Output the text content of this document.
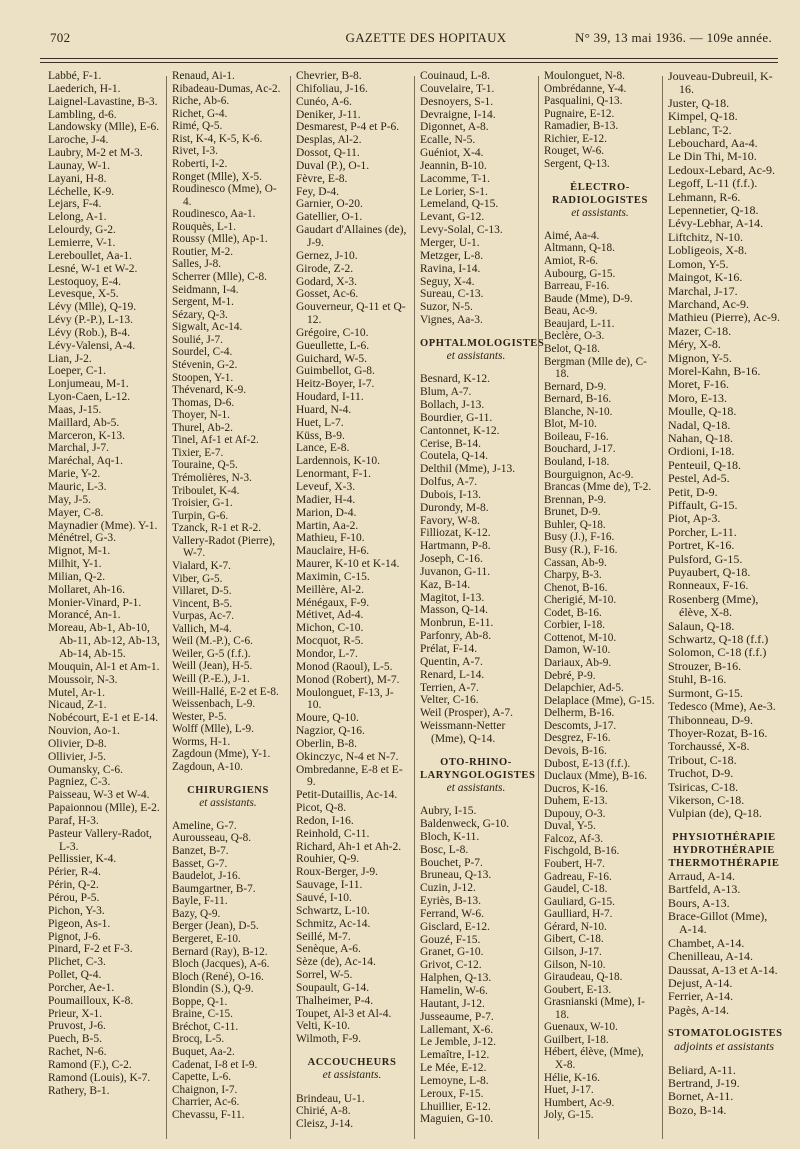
702	GAZETTE DES HOPITAUX	N° 39, 13 mai 1936. — 109e année.
Labbé, F-1.
Laederich, H-1.
Laignel-Lavastine, B-3.
Lambling, d-6.
Landowsky (Mlle), E-6.
Laroche, J-4.
Laubry, M-2 et M-3.
Launay, W-1.
Layani, H-8.
Léchelle, K-9.
Lejars, F-4.
Lelong, A-1.
Lelourdy, G-2.
Lemierre, V-1.
Lereboullet, Aa-1.
Lesné, W-1 et W-2.
Lestoquoy, E-4.
Levesque, X-5.
Lévy (Mlle), Q-19.
Lévy (P.-P.), L-13.
Lévy (Rob.), B-4.
Lévy-Valensi, A-4.
Lian, J-2.
Loeper, C-1.
Lonjumeau, M-1.
Lyon-Caen, L-12.
Maas, J-15.
Maillard, Ab-5.
Marceron, K-13.
Marchal, J-7.
Maréchal, Aq-1.
Marie, Y-2.
Mauric, L-3.
May, J-5.
Mayer, C-8.
Maynadier (Mme). Y-1.
Ménétrel, G-3.
Mignot, M-1.
Milhit, Y-1.
Milian, Q-2.
Mollaret, Ah-16.
Monier-Vinard, P-1.
Morancé, An-1.
Moreau, Ab-1, Ab-10, Ab-11, Ab-12, Ab-13, Ab-14, Ab-15.
Mouquin, Al-1 et Am-1.
Moussoir, N-3.
Mutel, Ar-1.
Nicaud, Z-1.
Nobécourt, E-1 et E-14.
Nouvion, Ao-1.
Olivier, D-8.
Ollivier, J-5.
Oumansky, C-6.
Pagniez, C-3.
Paisseau, W-3 et W-4.
Papaionnou (Mlle), E-2.
Paraf, H-3.
Pasteur Vallery-Radot, L-3.
Pellissier, K-4.
Périer, R-4.
Périn, Q-2.
Pérou, P-5.
Pichon, Y-3.
Pigeon, As-1.
Pignot, J-6.
Pinard, F-2 et F-3.
Plichet, C-3.
Pollet, Q-4.
Porcher, Ae-1.
Poumailloux, K-8.
Prieur, X-1.
Pruvost, J-6.
Puech, B-5.
Rachet, N-6.
Ramond (F.), C-2.
Ramond (Louis), K-7.
Rathery, B-1.
Renaud, Ai-1.
Ribadeau-Dumas, Ac-2.
Riche, Ab-6.
Richet, G-4.
Rimé, Q-5.
Rist, K-4, K-5, K-6.
Rivet, I-3.
Roberti, I-2.
Ronget (Mlle), X-5.
Roudinesco (Mme), O-4.
Roudinesco, Aa-1.
Rouquès, L-1.
Roussy (Mlle), Ap-1.
Routier, M-2.
Salles, J-8.
Scherrer (Mlle), C-8.
Seidmann, I-4.
Sergent, M-1.
Sézary, Q-3.
Sigwalt, Ac-14.
Soulié, J-7.
Sourdel, C-4.
Stévenin, G-2.
Stoopen, Y-1.
Thévenard, K-9.
Thomas, D-6.
Thoyer, N-1.
Thurel, Ab-2.
Tinel, Af-1 et Af-2.
Tixier, E-7.
Touraine, Q-5.
Trémolières, N-3.
Triboulet, K-4.
Troisier, G-1.
Turpin, G-6.
Tzanck, R-1 et R-2.
Vallery-Radot (Pierre), W-7.
Vialard, K-7.
Viber, G-5.
Villaret, D-5.
Vincent, B-5.
Vurpas, Ac-7.
Vallich, M-4.
Weil (M.-P.), C-6.
Weiler, G-5 (f.f.).
Weill (Jean), H-5.
Weill (P.-E.), J-1.
Weill-Hallé, E-2 et E-8.
Weissenbach, L-9.
Wester, P-5.
Wolff (Mlle), L-9.
Worms, H-1.
Zagdoun (Mme), Y-1.
Zagdoun, A-10.
CHIRURGIENS
et assistants.
Ameline, G-7.
Aurousseau, Q-8.
Banzet, B-7.
Basset, G-7.
Baudelot, J-16.
Baumgartner, B-7.
Bayle, F-11.
Bazy, Q-9.
Berger (Jean), D-5.
Bergeret, E-10.
Bernard (Ray), B-12.
Bloch (Jacques), A-6.
Bloch (René), O-16.
Blondin (S.), Q-9.
Boppe, Q-1.
Braine, C-15.
Bréchot, C-11.
Brocq, L-5.
Buquet, Aa-2.
Cadenat, I-8 et I-9.
Capette, L-6.
Chaignon, I-7.
Charrier, Ac-6.
Chevassu, F-11.
Chevrier, B-8.
Chifoliau, J-16.
Cunéo, A-6.
Deniker, J-11.
Desmarest, P-4 et P-6.
Desplas, Al-2.
Dossot, Q-11.
Duval (P.), O-1.
Fèvre, E-8.
Fey, D-4.
Garnier, O-20.
Gatellier, O-1.
Gaudart d'Allaines (de), J-9.
Gernez, J-10.
Girode, Z-2.
Godard, X-3.
Gosset, Ac-6.
Gouverneur, Q-11 et Q-12.
Grégoire, C-10.
Gueullette, L-6.
Guichard, W-5.
Guimbellot, G-8.
Heitz-Boyer, I-7.
Houdard, I-11.
Huard, N-4.
Huet, L-7.
Küss, B-9.
Lance, E-8.
Lardennois, K-10.
Lenormant, F-1.
Leveuf, X-3.
Madier, H-4.
Marion, D-4.
Martin, Aa-2.
Mathieu, F-10.
Mauclaire, H-6.
Maurer, K-10 et K-14.
Maximin, C-15.
Meillère, Al-2.
Ménégaux, F-9.
Métivet, Ad-4.
Michon, C-10.
Mocquot, R-5.
Mondor, L-7.
Monod (Raoul), L-5.
Monod (Robert), M-7.
Moulonguet, F-13, J-10.
Moure, Q-10.
Nagzior, Q-16.
Oberlin, B-8.
Okinczyc, N-4 et N-7.
Ombredanne, E-8 et E-9.
Petit-Dutaillis, Ac-14.
Picot, Q-8.
Redon, I-16.
Reinhold, C-11.
Richard, Ah-1 et Ah-2.
Rouhier, Q-9.
Roux-Berger, J-9.
Sauvage, I-11.
Sauvé, I-10.
Schwartz, L-10.
Schmitz, Ac-14.
Seillé, M-7.
Senèque, A-6.
Sèze (de), Ac-14.
Sorrel, W-5.
Soupault, G-14.
Thalheimer, P-4.
Toupet, Al-3 et Al-4.
Velti, K-10.
Wilmoth, F-9.
ACCOUCHEURS
et assistants.
Brindeau, U-1.
Chirié, A-8.
Cleisz, J-14.
Couinaud, L-8.
Couvelaire, T-1.
Desnoyers, S-1.
Devraigne, I-14.
Digonnet, A-8.
Ecalle, N-5.
Guéniot, X-4.
Jeannin, B-10.
Lacomme, T-1.
Le Lorier, S-1.
Lemeland, Q-15.
Levant, G-12.
Levy-Solal, C-13.
Merger, U-1.
Metzger, L-8.
Ravina, I-14.
Seguy, X-4.
Sureau, C-13.
Suzor, N-5.
Vignes, Aa-3.
OPHTALMOLOGISTES
et assistants.
Besnard, K-12.
Blum, A-7.
Bollach, J-13.
Bourdier, G-11.
Cantonnet, K-12.
Cerise, B-14.
Coutela, Q-14.
Delthil (Mme), J-13.
Dolfus, A-7.
Dubois, I-13.
Durondy, M-8.
Favory, W-8.
Filliozat, K-12.
Hartmann, P-8.
Joseph, C-16.
Juvanon, G-11.
Kaz, B-14.
Magitot, I-13.
Masson, Q-14.
Monbrun, E-11.
Parfonry, Ab-8.
Prélat, F-14.
Quentin, A-7.
Renard, L-14.
Terrien, A-7.
Velter, C-16.
Weil (Prosper), A-7.
Weissmann-Netter (Mme), Q-14.
OTO-RHINO-LARYNGOLOGISTES
et assistants.
Aubry, I-15.
Baldenweck, G-10.
Bloch, K-11.
Bosc, L-8.
Bouchet, P-7.
Bruneau, Q-13.
Cuzin, J-12.
Eyriès, B-13.
Ferrand, W-6.
Gisclard, E-12.
Gouzé, F-15.
Granet, G-10.
Grivot, C-12.
Halphen, Q-13.
Hamelin, W-6.
Hautant, J-12.
Jusseaume, P-7.
Lallemant, X-6.
Le Jemble, J-12.
Lemaître, I-12.
Le Mée, E-12.
Lemoyne, L-8.
Leroux, F-15.
Lhuillier, E-12.
Maguien, G-10.
Moulonguet, N-8.
Ombrédanne, Y-4.
Pasqualini, Q-13.
Pugnaire, E-12.
Ramadier, B-13.
Richier, E-12.
Rouget, W-6.
Sergent, Q-13.
ÉLECTRO-RADIOLOGISTES
et assistants.
Aimé, Aa-4.
Altmann, Q-18.
Amiot, R-6.
Aubourg, G-15.
Barreau, F-16.
Baude (Mme), D-9.
Beau, Ac-9.
Beaujard, L-11.
Beclère, O-3.
Belot, Q-18.
Bergman (Mlle de), C-18.
Bernard, D-9.
Bernard, B-16.
Blanche, N-10.
Blot, M-10.
Boileau, F-16.
Bouchard, J-17.
Bouland, I-18.
Bourguignon, Ac-9.
Brancas (Mme de), T-2.
Brennan, P-9.
Brunet, D-9.
Buhler, Q-18.
Busy (J.), F-16.
Busy (R.), F-16.
Cassan, Ab-9.
Charpy, B-3.
Chenot, B-16.
Cherigié, M-10.
Codet, B-16.
Corbier, I-18.
Cottenot, M-10.
Damon, W-10.
Dariaux, Ab-9.
Debré, P-9.
Delapchier, Ad-5.
Delaplace (Mme), G-15.
Delherm, B-16.
Descomts, J-17.
Desgrez, F-16.
Devois, B-16.
Dubost, E-13 (f.f.).
Duclaux (Mme), B-16.
Ducros, K-16.
Duhem, E-13.
Dupouy, O-3.
Duval, Y-5.
Falcoz, Af-3.
Fischgold, B-16.
Foubert, H-7.
Gadreau, F-16.
Gaudel, C-18.
Gauliard, G-15.
Gaulliard, H-7.
Gérard, N-10.
Gibert, C-18.
Gilson, J-17.
Gilson, N-10.
Giraudeau, Q-18.
Goubert, E-13.
Grasnianski (Mme), I-18.
Guenaux, W-10.
Guilbert, I-18.
Hébert, élève, (Mme), X-8.
Hélie, K-16.
Huet, J-17.
Humbert, Ac-9.
Joly, G-15.
Jouveau-Dubreuil, K-16.
Juster, Q-18.
Kimpel, Q-18.
Leblanc, T-2.
Lebouchard, Aa-4.
Le Din Thi, M-10.
Ledoux-Lebard, Ac-9.
Legoff, L-11 (f.f.).
Lehmann, R-6.
Lepennetier, Q-18.
Lévy-Lebhar, A-14.
Liftchitz, N-10.
Lobligeois, X-8.
Lomon, Y-5.
Maingot, K-16.
Marchal, J-17.
Marchand, Ac-9.
Mathieu (Pierre), Ac-9.
Mazer, C-18.
Méry, X-8.
Mignon, Y-5.
Morel-Kahn, B-16.
Moret, F-16.
Moro, E-13.
Moulle, Q-18.
Nadal, Q-18.
Nahan, Q-18.
Ordioni, I-18.
Penteuil, Q-18.
Pestel, Ad-5.
Petit, D-9.
Piffault, G-15.
Piot, Ap-3.
Porcher, L-11.
Portret, K-16.
Pulsford, G-15.
Puyaubert, Q-18.
Ronneaux, F-16.
Rosenberg (Mme), élève, X-8.
Salaun, Q-18.
Schwartz, Q-18 (f.f.)
Solomon, C-18 (f.f.)
Strouzer, B-16.
Stuhl, B-16.
Surmont, G-15.
Tedesco (Mme), Ae-3.
Thibonneau, D-9.
Thoyer-Rozat, B-16.
Torchaussé, X-8.
Tribout, C-18.
Truchot, D-9.
Tsiricas, C-18.
Vikerson, C-18.
Vulpian (de), Q-18.
PHYSIOTHÉRAPIE HYDROTHÉRAPIE THERMOTHÉRAPIE
Arraud, A-14.
Bartfeld, A-13.
Bours, A-13.
Brace-Gillot (Mme), A-14.
Chambet, A-14.
Chenilleau, A-14.
Daussat, A-13 et A-14.
Dejust, A-14.
Ferrier, A-14.
Pagès, A-14.
STOMATOLOGISTES
adjoints et assistants
Beliard, A-11.
Bertrand, J-19.
Bornet, A-11.
Bozo, B-14.
